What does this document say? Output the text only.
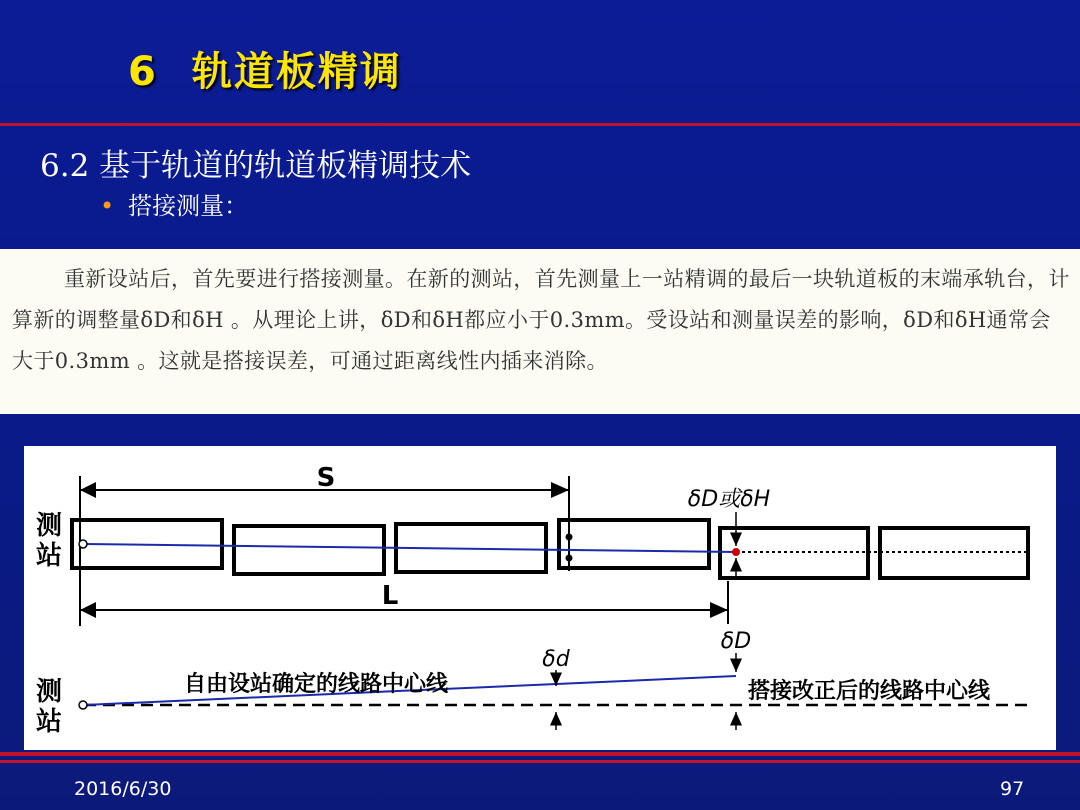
6 轨道板精调
6.2 基于轨道的轨道板精调技术
• 搭接测量：
重新设站后，首先要进行搭接测量。在新的测站，首先测量上一站精调的最后一块轨道板的末端承轨台，计算新的调整量δD和δH 。从理论上讲，δD和δH都应小于0.3mm。受设站和测量误差的影响，δD和δH通常会大于0.3mm 。这就是搭接误差，可通过距离线性内插来消除。
S
δD或δH
测 站
L
自由设站确定的线路中心线	搭接改正后的线路中心线
δd
δD
测 站
2016/6/30	97
